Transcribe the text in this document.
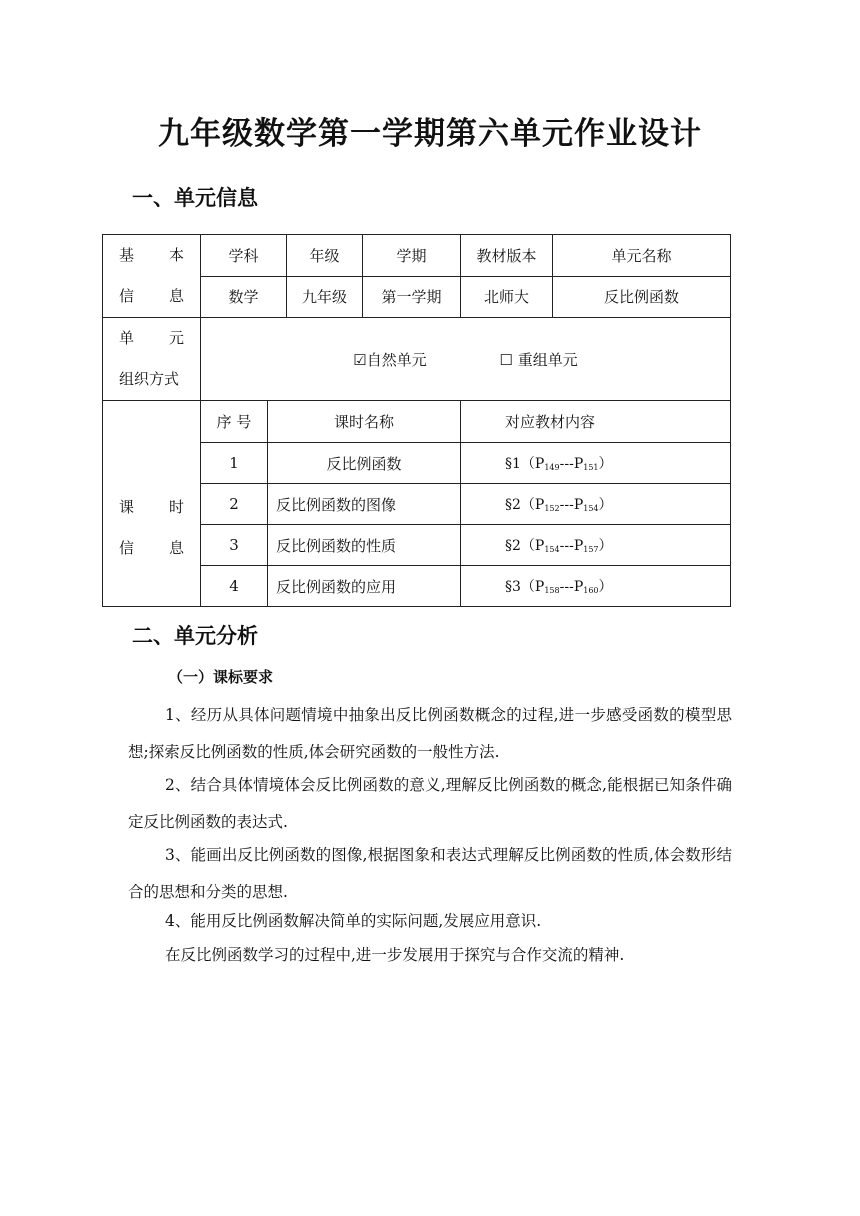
九年级数学第一学期第六单元作业设计
一、单元信息
基 本
信 息	学科		年级	学期	教材版本	单元名称
	数学		九年级	第一学期	北师大	反比例函数

单 元
组织方式	☑自然单元 ☐ 重组单元					

课 时
信 息	序 号	课时名称			对应教材内容	
	1	反比例函数			$\S 1(P_{149}---P_{151})$	
	2	反比例函数的图像			$\S 2(P_{152}---P_{154})$	
	3	反比例函数的性质			$\S 2(P_{154}---P_{157})$	
	4	反比例函数的应用			$\S 3(P_{158}---P_{160})$	
二、单元分析
（一）课标要求

1、经历从具体问题情境中抽象出反比例函数概念的过程,进一步感受函数的模型思想;探索反比例函数的性质,体会研究函数的一般性方法.

2、结合具体情境体会反比例函数的意义,理解反比例函数的概念,能根据已知条件确定反比例函数的表达式.

3、能画出反比例函数的图像,根据图象和表达式理解反比例函数的性质,体会数形结合的思想和分类的思想.

4、能用反比例函数解决简单的实际问题,发展应用意识.

在反比例函数学习的过程中,进一步发展用于探究与合作交流的精神.
